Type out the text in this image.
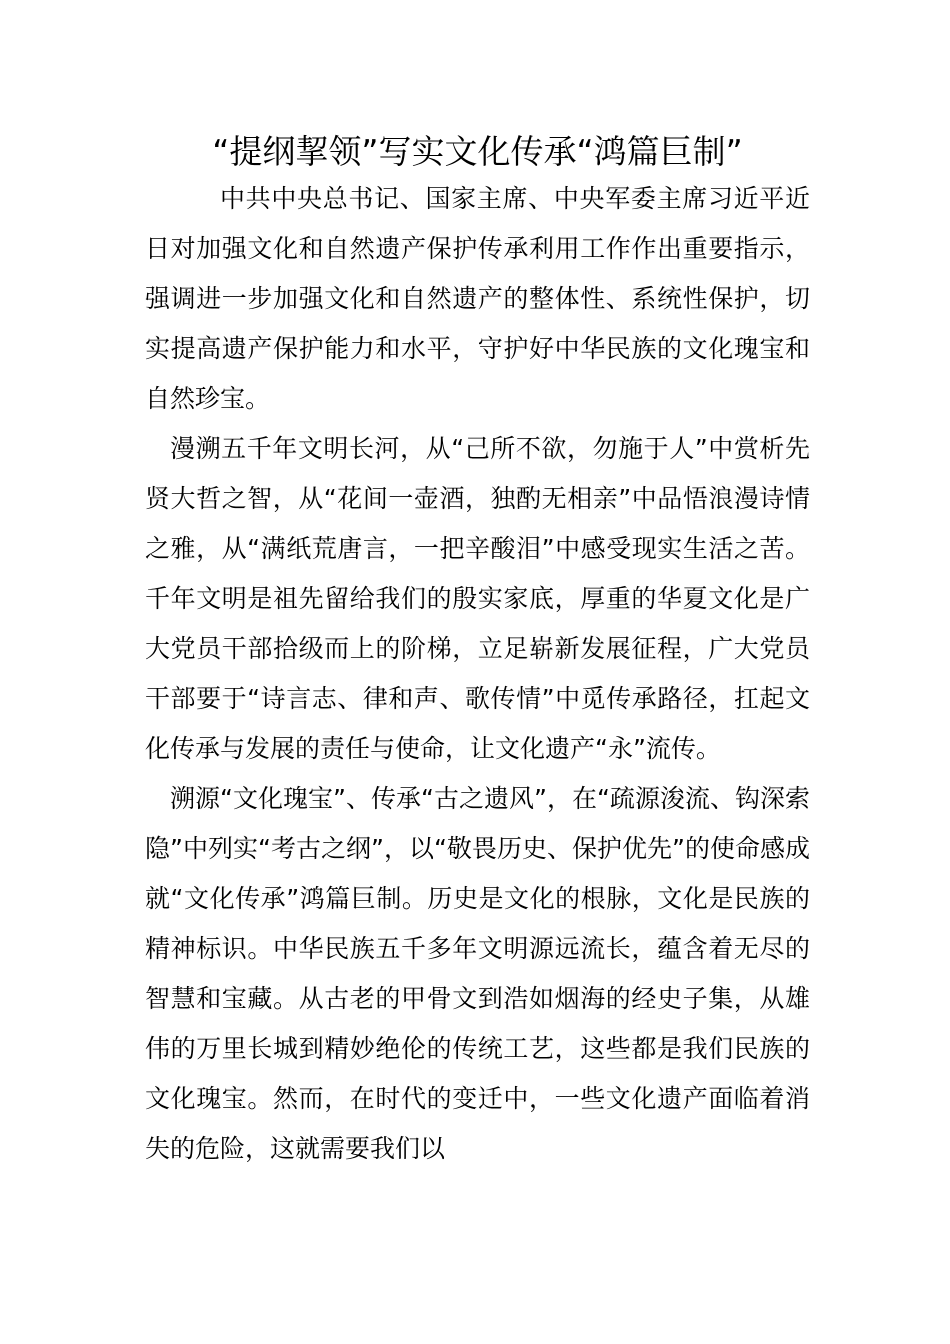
“提纲挈领”写实文化传承“鸿篇巨制”

中共中央总书记、国家主席、中央军委主席习近平近日对加强文化和自然遗产保护传承利用工作作出重要指示，强调进一步加强文化和自然遗产的整体性、系统性保护，切实提高遗产保护能力和水平，守护好中华民族的文化瑰宝和自然珍宝。

漫溯五千年文明长河，从“己所不欲，勿施于人”中赏析先贤大哲之智，从“花间一壶酒，独酌无相亲”中品悟浪漫诗情之雅，从“满纸荒唐言，一把辛酸泪”中感受现实生活之苦。千年文明是祖先留给我们的殷实家底，厚重的华夏文化是广大党员干部拾级而上的阶梯，立足崭新发展征程，广大党员干部要于“诗言志、律和声、歌传情”中觅传承路径，扛起文化传承与发展的责任与使命，让文化遗产“永”流传。

溯源“文化瑰宝”、传承“古之遗风”，在“疏源浚流、钩深索隐”中列实“考古之纲”，以“敬畏历史、保护优先”的使命感成就“文化传承”鸿篇巨制。历史是文化的根脉，文化是民族的精神标识。中华民族五千多年文明源远流长，蕴含着无尽的智慧和宝藏。从古老的甲骨文到浩如烟海的经史子集，从雄伟的万里长城到精妙绝伦的传统工艺，这些都是我们民族的文化瑰宝。然而，在时代的变迁中，一些文化遗产面临着消失的危险，这就需要我们以
